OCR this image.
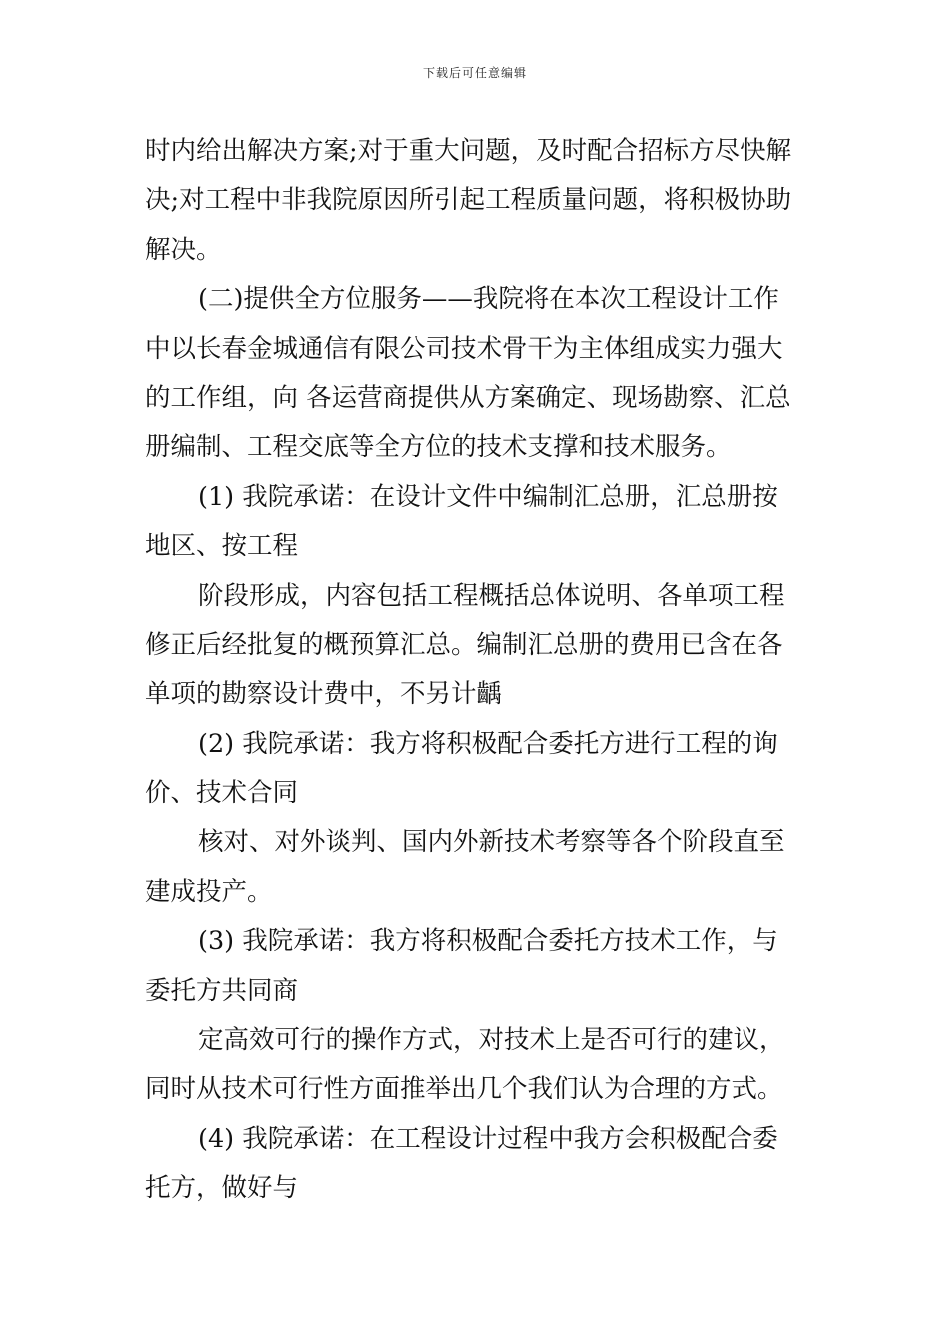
下载后可任意编辑
时内给出解决方案;对于重大问题，及时配合招标方尽快解
决;对工程中非我院原因所引起工程质量问题，将积极协助
解决。
(二)提供全方位服务——我院将在本次工程设计工作
中以长春金城通信有限公司技术骨干为主体组成实力强大
的工作组，向 各运营商提供从方案确定、现场勘察、汇总
册编制、工程交底等全方位的技术支撑和技术服务。
(1) 我院承诺：在设计文件中编制汇总册，汇总册按
地区、按工程
阶段形成，内容包括工程概括总体说明、各单项工程
修正后经批复的概预算汇总。编制汇总册的费用已含在各
单项的勘察设计费中，不另计齲
(2) 我院承诺：我方将积极配合委托方进行工程的询
价、技术合同
核对、对外谈判、国内外新技术考察等各个阶段直至
建成投产。
(3) 我院承诺：我方将积极配合委托方技术工作，与
委托方共同商
定高效可行的操作方式，对技术上是否可行的建议，
同时从技术可行性方面推举出几个我们认为合理的方式。
(4) 我院承诺：在工程设计过程中我方会积极配合委
托方，做好与
